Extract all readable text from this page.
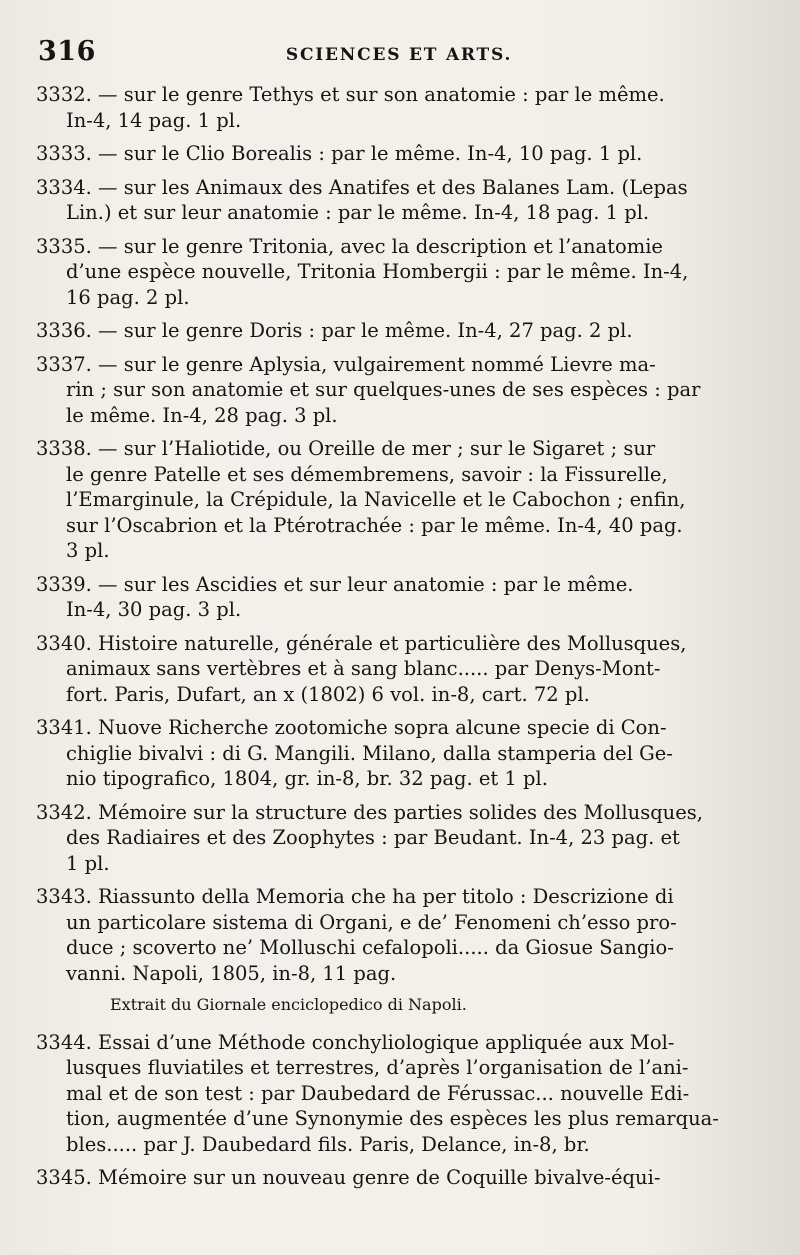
316	SCIENCES ET ARTS.
3332. — sur le genre Tethys et sur son anatomie : par le même.
In-4, 14 pag. 1 pl.
3333. — sur le Clio Borealis : par le même. In-4, 10 pag. 1 pl.
3334. — sur les Animaux des Anatifes et des Balanes Lam. (Lepas
Lin.) et sur leur anatomie : par le même. In-4, 18 pag. 1 pl.
3335. — sur le genre Tritonia, avec la description et l’anatomie
d’une espèce nouvelle, Tritonia Hombergii : par le même. In-4,
16 pag. 2 pl.
3336. — sur le genre Doris : par le même. In-4, 27 pag. 2 pl.
3337. — sur le genre Aplysia, vulgairement nommé Lievre ma-
rin ; sur son anatomie et sur quelques-unes de ses espèces : par
le même. In-4, 28 pag. 3 pl.
3338. — sur l’Haliotide, ou Oreille de mer ; sur le Sigaret ; sur
le genre Patelle et ses démembremens, savoir : la Fissurelle,
l’Emarginule, la Crépidule, la Navicelle et le Cabochon ; enfin,
sur l’Oscabrion et la Ptérotrachée : par le même. In-4, 40 pag.
3 pl.
3339. — sur les Ascidies et sur leur anatomie : par le même.
In-4, 30 pag. 3 pl.
3340. Histoire naturelle, générale et particulière des Mollusques,
animaux sans vertèbres et à sang blanc..... par Denys-Mont-
fort. Paris, Dufart, an x (1802) 6 vol. in-8, cart. 72 pl.
3341. Nuove Richerche zootomiche sopra alcune specie di Con-
chiglie bivalvi : di G. Mangili. Milano, dalla stamperia del Ge-
nio tipografico, 1804, gr. in-8, br. 32 pag. et 1 pl.
3342. Mémoire sur la structure des parties solides des Mollusques,
des Radiaires et des Zoophytes : par Beudant. In-4, 23 pag. et
1 pl.
3343. Riassunto della Memoria che ha per titolo : Descrizione di
un particolare sistema di Organi, e de’ Fenomeni ch’esso pro-
duce ; scoverto ne’ Molluschi cefalopoli..... da Giosue Sangio-
vanni. Napoli, 1805, in-8, 11 pag.
Extrait du Giornale enciclopedico di Napoli.
3344. Essai d’une Méthode conchyliologique appliquée aux Mol-
lusques fluviatiles et terrestres, d’après l’organisation de l’ani-
mal et de son test : par Daubedard de Férussac... nouvelle Edi-
tion, augmentée d’une Synonymie des espèces les plus remarqua-
bles..... par J. Daubedard fils. Paris, Delance, in-8, br.
3345. Mémoire sur un nouveau genre de Coquille bivalve-équi-
